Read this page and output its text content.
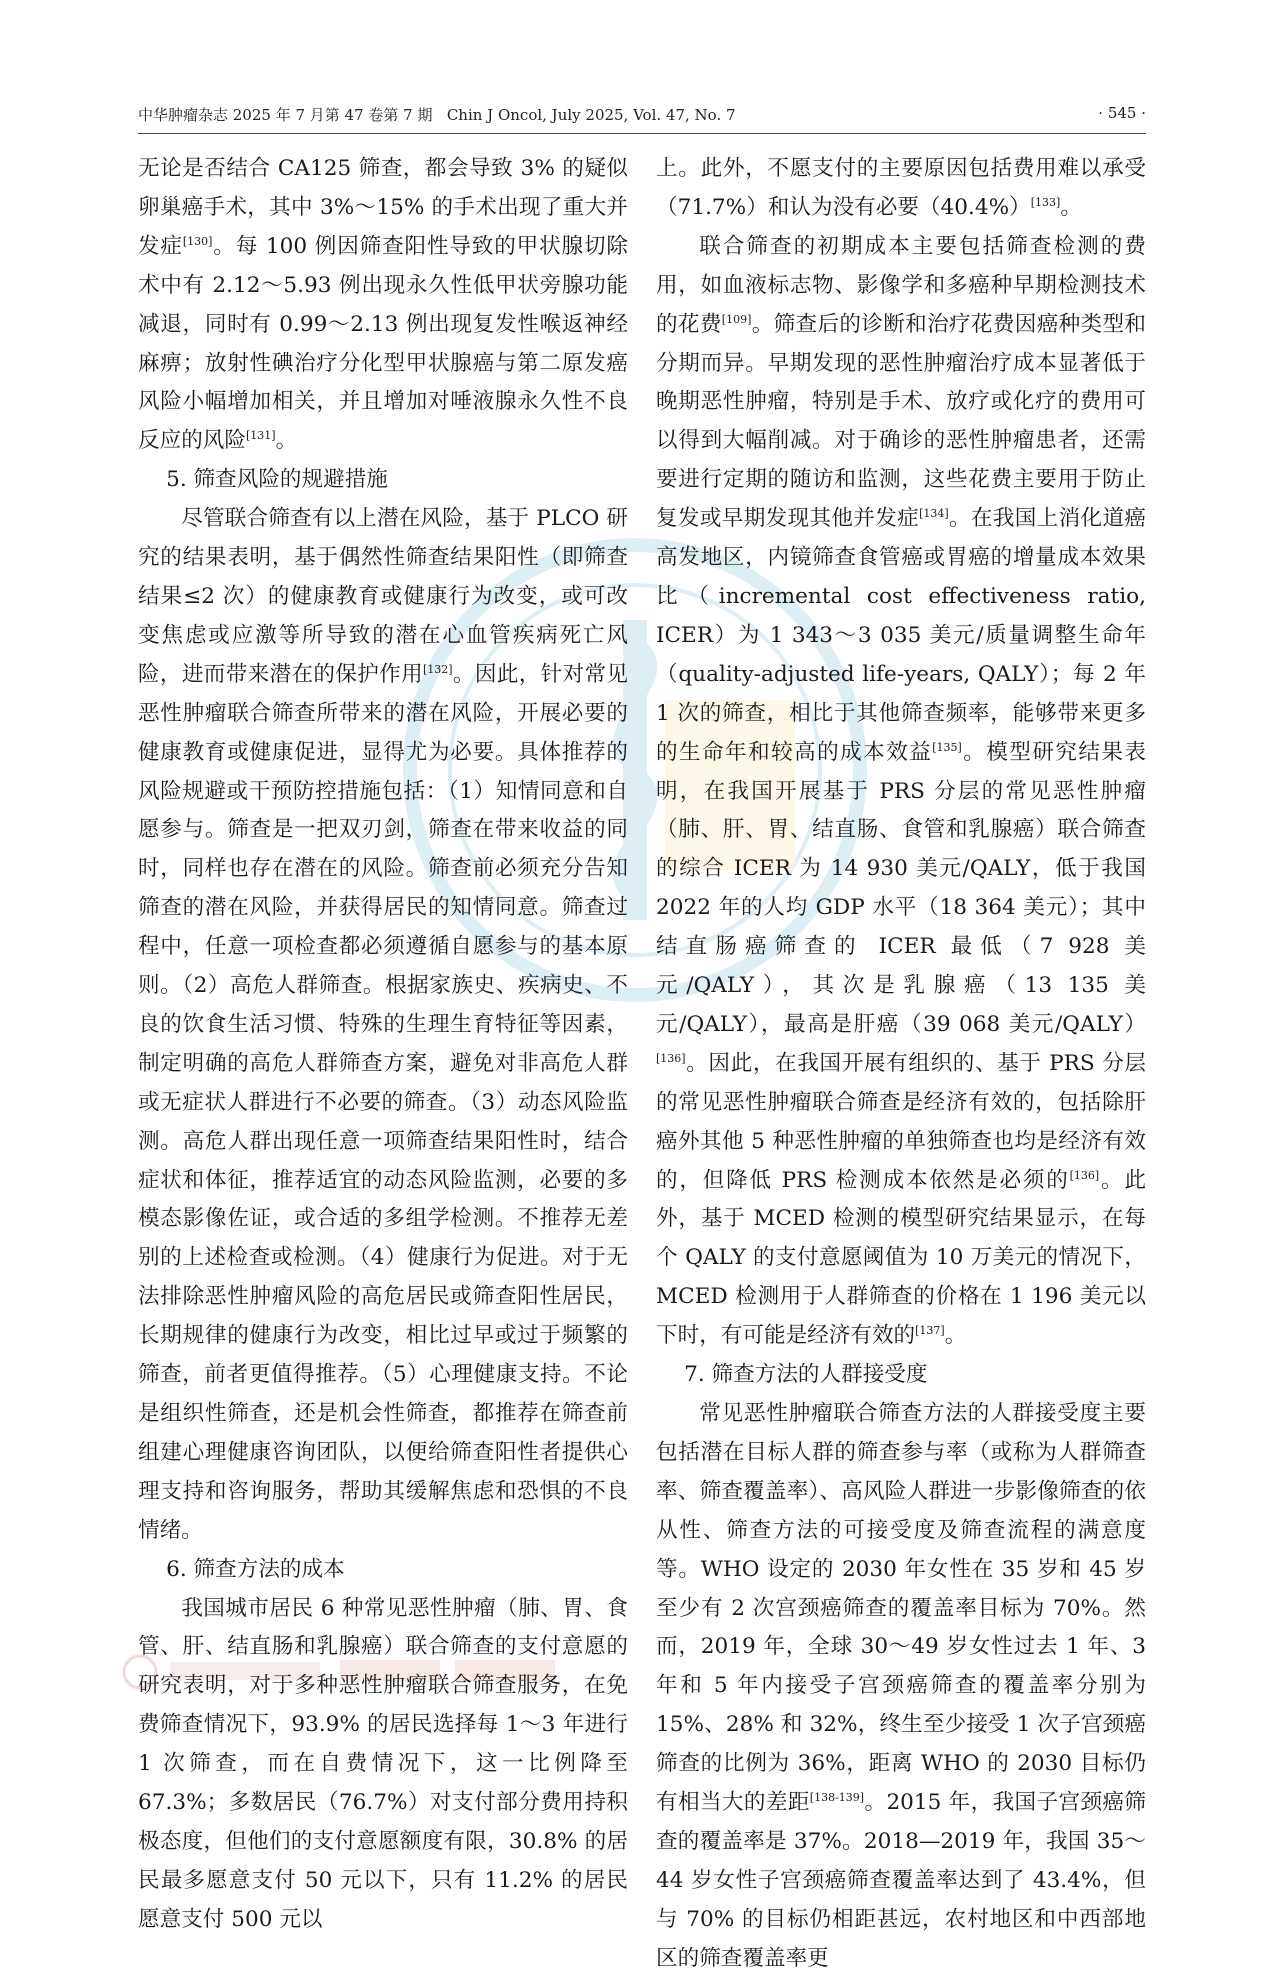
中华肿瘤杂志 2025 年 7 月第 47 卷第 7 期 Chin J Oncol, July 2025, Vol. 47, No. 7	· 545 ·

无论是否结合 CA125 筛查，都会导致 3% 的疑似卵巢癌手术，其中 3%～15% 的手术出现了重大并发症[130]。每 100 例因筛查阳性导致的甲状腺切除术中有 2.12～5.93 例出现永久性低甲状旁腺功能减退，同时有 0.99～2.13 例出现复发性喉返神经麻痹；放射性碘治疗分化型甲状腺癌与第二原发癌风险小幅增加相关，并且增加对唾液腺永久性不良反应的风险[131]。

5. 筛查风险的规避措施

尽管联合筛查有以上潜在风险，基于 PLCO 研究的结果表明，基于偶然性筛查结果阳性（即筛查结果≤2 次）的健康教育或健康行为改变，或可改变焦虑或应激等所导致的潜在心血管疾病死亡风险，进而带来潜在的保护作用[132]。因此，针对常见恶性肿瘤联合筛查所带来的潜在风险，开展必要的健康教育或健康促进，显得尤为必要。具体推荐的风险规避或干预防控措施包括：（1）知情同意和自愿参与。筛查是一把双刃剑，筛查在带来收益的同时，同样也存在潜在的风险。筛查前必须充分告知筛查的潜在风险，并获得居民的知情同意。筛查过程中，任意一项检查都必须遵循自愿参与的基本原则。（2）高危人群筛查。根据家族史、疾病史、不良的饮食生活习惯、特殊的生理生育特征等因素，制定明确的高危人群筛查方案，避免对非高危人群或无症状人群进行不必要的筛查。（3）动态风险监测。高危人群出现任意一项筛查结果阳性时，结合症状和体征，推荐适宜的动态风险监测，必要的多模态影像佐证，或合适的多组学检测。不推荐无差别的上述检查或检测。（4）健康行为促进。对于无法排除恶性肿瘤风险的高危居民或筛查阳性居民，长期规律的健康行为改变，相比过早或过于频繁的筛查，前者更值得推荐。（5）心理健康支持。不论是组织性筛查，还是机会性筛查，都推荐在筛查前组建心理健康咨询团队，以便给筛查阳性者提供心理支持和咨询服务，帮助其缓解焦虑和恐惧的不良情绪。

6. 筛查方法的成本

我国城市居民 6 种常见恶性肿瘤（肺、胃、食管、肝、结直肠和乳腺癌）联合筛查的支付意愿的研究表明，对于多种恶性肿瘤联合筛查服务，在免费筛查情况下，93.9% 的居民选择每 1～3 年进行 1 次筛查，而在自费情况下，这一比例降至 67.3%；多数居民（76.7%）对支付部分费用持积极态度，但他们的支付意愿额度有限，30.8% 的居民最多愿意支付 50 元以下，只有 11.2% 的居民愿意支付 500 元以

上。此外，不愿支付的主要原因包括费用难以承受（71.7%）和认为没有必要（40.4%）[133]。

联合筛查的初期成本主要包括筛查检测的费用，如血液标志物、影像学和多癌种早期检测技术的花费[109]。筛查后的诊断和治疗花费因癌种类型和分期而异。早期发现的恶性肿瘤治疗成本显著低于晚期恶性肿瘤，特别是手术、放疗或化疗的费用可以得到大幅削减。对于确诊的恶性肿瘤患者，还需要进行定期的随访和监测，这些花费主要用于防止复发或早期发现其他并发症[134]。在我国上消化道癌高发地区，内镜筛查食管癌或胃癌的增量成本效果比（incremental cost effectiveness ratio, ICER）为 1 343～3 035 美元/质量调整生命年（quality-adjusted life-years, QALY）；每 2 年 1 次的筛查，相比于其他筛查频率，能够带来更多的生命年和较高的成本效益[135]。模型研究结果表明，在我国开展基于 PRS 分层的常见恶性肿瘤（肺、肝、胃、结直肠、食管和乳腺癌）联合筛查的综合 ICER 为 14 930 美元/QALY，低于我国 2022 年的人均 GDP 水平（18 364 美元）；其中结直肠癌筛查的 ICER 最低（7 928 美元/QALY），其次是乳腺癌（13 135 美元/QALY），最高是肝癌（39 068 美元/QALY）[136]。因此，在我国开展有组织的、基于 PRS 分层的常见恶性肿瘤联合筛查是经济有效的，包括除肝癌外其他 5 种恶性肿瘤的单独筛查也均是经济有效的，但降低 PRS 检测成本依然是必须的[136]。此外，基于 MCED 检测的模型研究结果显示，在每个 QALY 的支付意愿阈值为 10 万美元的情况下，MCED 检测用于人群筛查的价格在 1 196 美元以下时，有可能是经济有效的[137]。

7. 筛查方法的人群接受度

常见恶性肿瘤联合筛查方法的人群接受度主要包括潜在目标人群的筛查参与率（或称为人群筛查率、筛查覆盖率）、高风险人群进一步影像筛查的依从性、筛查方法的可接受度及筛查流程的满意度等。WHO 设定的 2030 年女性在 35 岁和 45 岁至少有 2 次宫颈癌筛查的覆盖率目标为 70%。然而，2019 年，全球 30～49 岁女性过去 1 年、3 年和 5 年内接受子宫颈癌筛查的覆盖率分别为 15%、28% 和 32%，终生至少接受 1 次子宫颈癌筛查的比例为 36%，距离 WHO 的 2030 目标仍有相当大的差距[138-139]。2015 年，我国子宫颈癌筛查的覆盖率是 37%。2018—2019 年，我国 35～44 岁女性子宫颈癌筛查覆盖率达到了 43.4%，但与 70% 的目标仍相距甚远，农村地区和中西部地区的筛查覆盖率更
